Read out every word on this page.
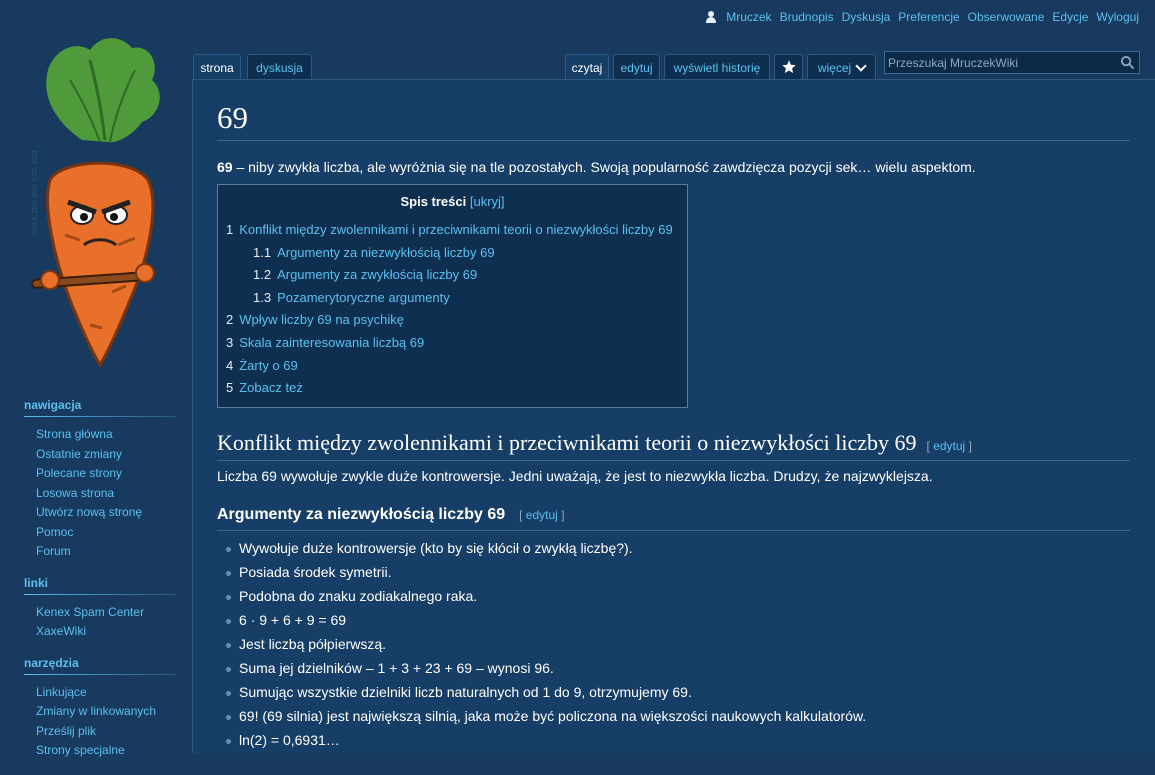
Mruczek Brudnopis Dyskusja Preferencje Obserwowane Edycje Wyloguj
MRUCZEK WIKI EST. 2011
nawigacja
Strona główna
Ostatnie zmiany
Polecane strony
Losowa strona
Utwórz nową stronę
Pomoc
Forum
linki
Kenex Spam Center
XaxeWiki
narzędzia
Linkujące
Zmiany w linkowanych
Prześlij plik
Strony specjalne
strona	dyskusja	czytaj	edytuj	wyświetl historię	więcej
Przeszukaj MruczekWiki
69

69 – niby zwykła liczba, ale wyróżnia się na tle pozostałych. Swoją popularność zawdzięcza pozycji sek… wielu aspektom.

Spis treści [ukryj]
1 Konflikt między zwolennikami i przeciwnikami teorii o niezwykłości liczby 69
1.1 Argumenty za niezwykłością liczby 69
1.2 Argumenty za zwykłością liczby 69
1.3 Pozamerytoryczne argumenty
2 Wpływ liczby 69 na psychikę
3 Skala zainteresowania liczbą 69
4 Żarty o 69
5 Zobacz też
Konflikt między zwolennikami i przeciwnikami teorii o niezwykłości liczby 69 [ edytuj ]

Liczba 69 wywołuje zwykle duże kontrowersje. Jedni uważają, że jest to niezwykła liczba. Drudzy, że najzwyklejsza.

Argumenty za niezwykłością liczby 69 [ edytuj ]
Wywołuje duże kontrowersje (kto by się kłócił o zwykłą liczbę?).
Posiada środek symetrii.
Podobna do znaku zodiakalnego raka.
6 · 9 + 6 + 9 = 69
Jest liczbą półpierwszą.
Suma jej dzielników – 1 + 3 + 23 + 69 – wynosi 96.
Sumując wszystkie dzielniki liczb naturalnych od 1 do 9, otrzymujemy 69.
69! (69 silnia) jest największą silnią, jaka może być policzona na większości naukowych kalkulatorów.
ln(2) = 0,6931…
